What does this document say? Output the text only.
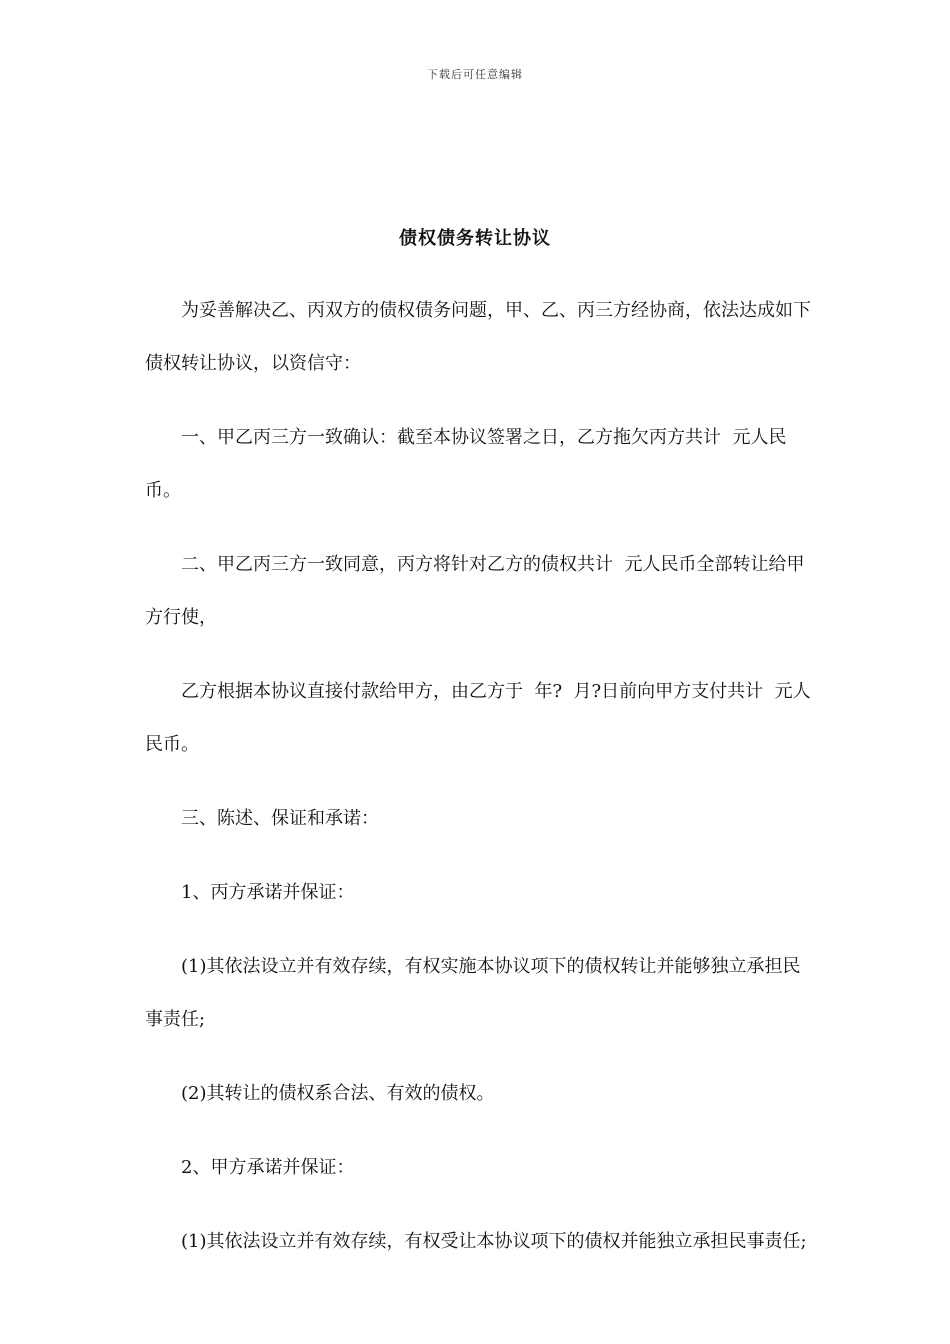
下载后可任意编辑
债权债务转让协议

为妥善解决乙、丙双方的债权债务问题，甲、乙、丙三方经协商，依法达成如下债权转让协议，以资信守：

一、甲乙丙三方一致确认：截至本协议签署之日，乙方拖欠丙方共计  元人民币。

二、甲乙丙三方一致同意，丙方将针对乙方的债权共计  元人民币全部转让给甲方行使，

乙方根据本协议直接付款给甲方，由乙方于  年?  月?日前向甲方支付共计  元人民币。

三、陈述、保证和承诺：

1、丙方承诺并保证：

(1)其依法设立并有效存续，有权实施本协议项下的债权转让并能够独立承担民事责任;

(2)其转让的债权系合法、有效的债权。

2、甲方承诺并保证：

(1)其依法设立并有效存续，有权受让本协议项下的债权并能独立承担民事责任;
